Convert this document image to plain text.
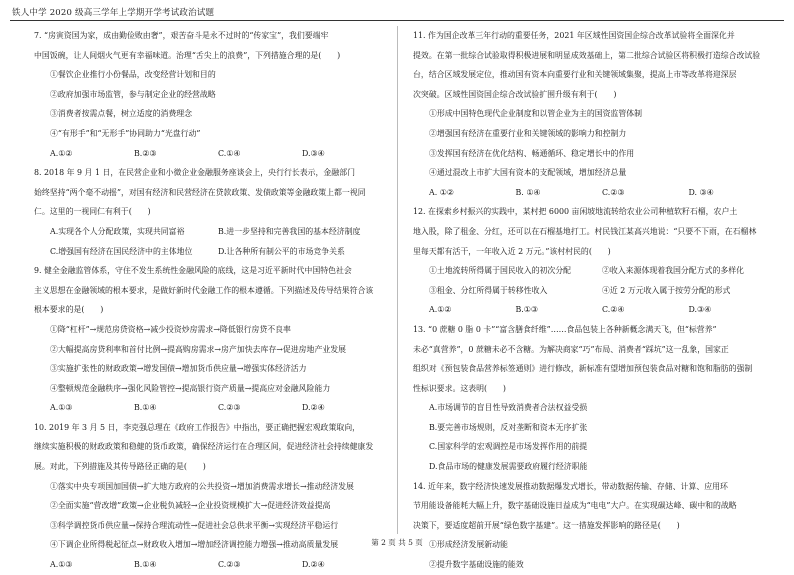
铁人中学 2020 级高三学年上学期开学考试政治试题
7. “房寅资国为家，成由勤俭败由奢”，艰苦奋斗是永不过时的“传家宝”，我们要端牢
中国饭碗，让人间烟火气更有幸福味道。治理“舌尖上的浪费”，下列措施合理的是(　　)
①餐饮企业推行小份餐品，改变经营计划和目的
②政府加强市场监管，参与制定企业的经营战略
③消费者按需点餐，树立适度的消费理念
④“有形手”和“无形手”协同助力“光盘行动”
A.①②	B.②③	C.①④	D.③④
8. 2018 年 9 月 1 日，在民营企业和小微企业金融服务座谈会上，央行行长表示，金融部门
始终坚持“两个毫不动摇”，对国有经济和民营经济在贷款政策、发债政策等金融政策上都一视同
仁。这里的一视同仁有利于(　　)
A.实现各个人分配政策，实现共同富裕	B.进一步坚持和完善我国的基本经济制度
C.增强国有经济在国民经济中的主体地位	D.让各种所有制公平的市场竞争关系
9. 健全金融监管体系，守住不发生系统性金融风险的底线，这是习近平新时代中国特色社会
主义思想在金融领域的根本要求，是做好新时代金融工作的根本遵循。下列描述及传导结果符合该
根本要求的是(　　)
①降“杠杆”→规范房贷资格→减少投资炒房需求→降低银行房贷不良率
②大幅提高房贷利率和首付比例→提高购房需求→房产加快去库存→促进房地产业发展
③实施扩张性的财政政策→增发国债→增加货币供应量→增强实体经济活力
④整顿规范金融秩序→强化风险管控→提高银行资产质量→提高应对金融风险能力
A.①③	B.①④	C.②③	D.②④
10. 2019 年 3 月 5 日，李克强总理在《政府工作报告》中指出，要正确把握宏观政策取向，
继续实施积极的财政政策和稳健的货币政策，确保经济运行在合理区间，促进经济社会持续健康发
展。对此，下列措施及其传导路径正确的是(　　)
①落实中央专项国加国债→扩大地方政府的公共投资→增加消费需求增长→推动经济发展
②全面实施“营改增”政策→企业税负减轻→企业投资规模扩大→促进经济效益提高
③科学调控货币供应量→保持合理流动性→促进社会总供求平衡→实现经济平稳运行
④下调企业所得税起征点→财政收入增加→增加经济调控能力增强→推动高质量发展
A.①③	B.①④	C.②③	D.②④
11. 作为国企改革三年行动的重要任务，2021 年区域性国资国企综合改革试验将全面深化并
提效。在第一批综合试验取得积极进展和明显成效基础上，第二批综合试验区将积极打造综合改试验
台，结合区域发展定位，推动国有资本向重要行业和关键领域集聚，提高上市等改革将迎深层
次突破。区域性国资国企综合改试验扩围升级有利于(　　)
①形成中国特色现代企业制度和以管企业为主的国资监管体制
②增强国有经济在重要行业和关键领域的影响力和控制力
③发挥国有经济在优化结构、畅通循环、稳定增长中的作用
④通过混改上市扩大国有资本的支配领域，增加经济总量
A. ①②	B. ①④	C.②③	D. ③④
12. 在探索乡村振兴的实践中，某村把 6000 亩闲坡地流转给农业公司种植软籽石榴，农户土
地入股，除了租金、分红，还可以在石榴基地打工。村民钱江某高兴地说：“只要不下雨，在石榴林
里每天都有活干，一年收入近 2 万元。”该村村民的(　　)
①土地流转所得属于国民收入的初次分配	②收入来源体现着我国分配方式的多样化
③租金、分红所得属于转移性收入	④近 2 万元收入属于按劳分配的形式
A.①②	B.①③	C.②④	D.③④
13. “0 蔗糖 0 脂 0 卡”“富含膳食纤维”……食品包装上各种新概念满天飞，但“标营养”
未必“真营养”，0 蔗糖未必不含糖。为解决商家“巧”布局、消费者“踩坑”这一乱象，国家正
组织对《预包装食品营养标签通则》进行修改，新标准有望增加预包装食品对糖和饱和脂肪的强制
性标识要求。这表明(　　)
A.市场调节的盲目性导致消费者合法权益受损
B.要完善市场规则，反对垄断和资本无序扩张
C.国家科学的宏观调控是市场发挥作用的前提
D.食品市场的健康发展需要政府履行经济职能
14. 近年来，数字经济快速发展推动数据爆发式增长，带动数据传输、存储、计算、应用环
节用能设备能耗大幅上升，数字基础设施日益成为“电电”大户。在实现碳达峰、碳中和的战略
决策下，要适度超前开展“绿色数字基建”。这一措施发挥影响的路径是(　　)
①形成经济发展新动能
②提升数字基础设施的能效
第 2 页 共 5 页
